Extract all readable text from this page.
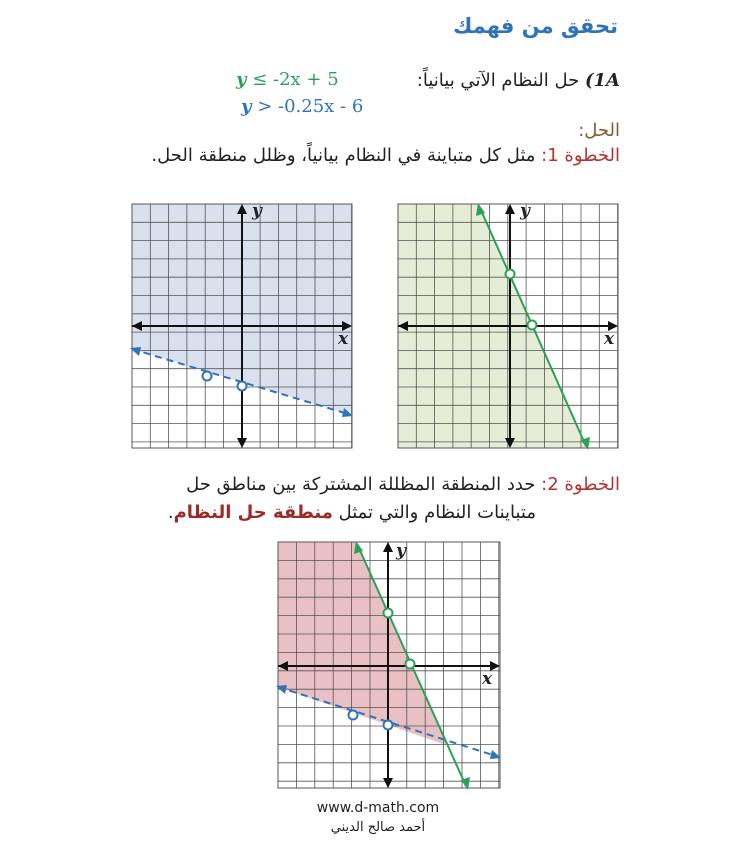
تحقق من فهمك
1A) حل النظام الآتي بيانياً:
y ≤ -2x + 5
y > -0.25x - 6
الحل:
الخطوة 1: مثل كل متباينة في النظام بيانياً، وظلل منطقة الحل.
x
y
x
y
الخطوة 2: حدد المنطقة المظللة المشتركة بين مناطق حل
متباينات النظام والتي تمثل منطقة حل النظام.
x
y
www.d-math.com
أحمد صالح الديني
